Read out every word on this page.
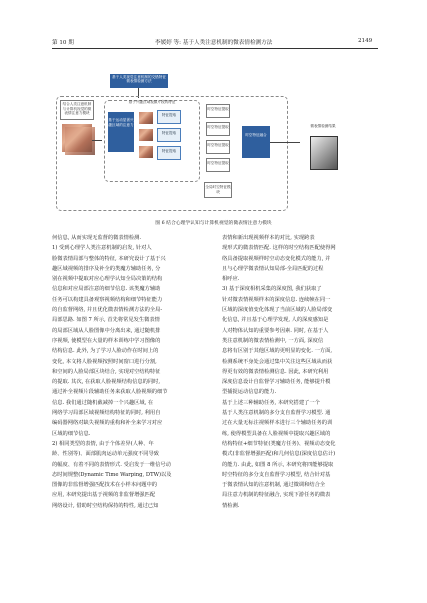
第 10 期	李媛婷 等: 基于人类注意机制的微表情检测方法	2149
基于人类视觉注意机制的交错特征微表情检测方法
结合人类注意机制与计算机视觉的微表情注意力模块
基于兴趣区域视频片段的特征
基于运动显著兴趣区域的注意力
特征提取
特征提取
特征提取
时空特征提取
时空特征提取
时空特征提取
时空特征提取
全局时空特征模块
时空特征融合
微表情检测结果
图 6 结合心理学认知与计算机视觉的微表情注意力模块
何信息, 从而实现无监督的微表情检测.
1) 受到心理学人类注意机制的启发, 针对人
脸微表情局部与整体的特征, 本研究设计了基于兴
趣区域视频的排序及补全的类魔方辅助任务, 分
别在视频中提取对应心理学认知全局决策的结构
信息和对应局部注意的细节信息. 该类魔方辅助
任务可以构建具备观察视频结构和细节特征能力
的自监督网络, 并且优化微表情检测方法的全局-
局部思路. 如图 7 所示, 首先将常见发生微表情
的局部区域从人脸图像中分离出来, 通过随机排
序视频, 使模型在大量的样本训练中学习图像的
结构信息. 此外, 为了学习人脸动作在时间上的
变化, 本文将人脸视频按照时间窗口进行分割,
和空间的人脸局部区块结合, 实现对空结构特征
的提取. 其次, 在获取人脸视频结构信息的同时,
通过补全视频片段辅助任务来获取人脸视频的细节
信息. 我们通过随机截减掉一个兴趣区域, 在
网络学习局部区域视频结构特征的同时, 利用自
编码器网络对缺失视频的重构和补全来学习对应
区域的细节信息.
2) 相同类型的表情, 由于个体差异(人种、年
龄、性别等)、面部肌肉运动单元强度不同导致
的幅度、有着不同的表情形式. 受启发于一维信号动
态时间规整(Dynamic Time Warping, DTW)以及
图像的非监督增强匹配技术在小样本问题中的
应用, 本研究提出基于视频的非监督增强匹配
网络设计, 借助时空结构保持的特性, 通过已知
表情和新出现视频样本的对比, 实现跨表
现形式的微表情匹配. 这样的时空结构匹配使得网
络具备提取视频样时空动态变化模式的能力, 并
且与心理学微表情认知局部-全局匹配的过程
相呼应.
3) 基于深度相机采集的深度图, 我们获取了
针对微表情视频样本的深度信息. 连续帧在同一
区域的深度值变化体现了当前区域的人脸局部变
化信息, 并且基于心理学发现, 人的深度感知是
人对物体认知的重要参考因素. 同时, 在基于人
类注意机制的微表情检测中, 一方面, 深度信
息将有区别于其他区域的更明显的变化. 一方面,
检测系统不身处会通过集中关注这些区域从而获
得更有效的微表情检测信息. 因此, 本研究利用
深度信息设计自监督学习辅助任务, 能够提升模
型捕捉运动信息的能力.
基于上述三种辅助任务, 本研究搭建了一个
基于人类注意机制的多分支自监督学习模型. 通
过在大量无标注视频样本进行三个辅助任务的训
练, 使得模型具备在人脸视频中提取兴趣区域的
结构特征+细节特征(类魔方任务)、视频动态变化
模式(非监督增强匹配)和几何信息(深度信息估计)
的能力. 由此, 如图 8 所示, 本研究将四能够提取
时空特征的多分支自监督学习模型, 结合针对基
于微表情认知的注意机制, 通过微调和结合全
局注意力机制的特征融合, 实现下游任务的微表
情检测.
